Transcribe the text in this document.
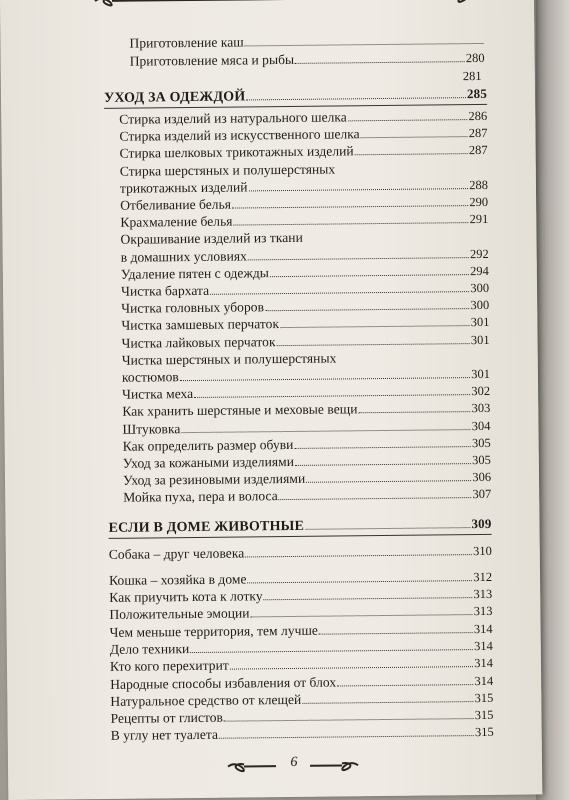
Приготовление каш
Приготовление мяса и рыбы	280
281
УХОД ЗА ОДЕЖДОЙ	285
Стирка изделий из натурального шелка	286
Стирка изделий из искусственного шелка	287
Стирка шелковых трикотажных изделий	287
Стирка шерстяных и полушерстяных
трикотажных изделий	288
Отбеливание белья	290
Крахмаление белья	291
Окрашивание изделий из ткани
в домашних условиях	292
Удаление пятен с одежды	294
Чистка бархата	300
Чистка головных уборов	300
Чистка замшевых перчаток	301
Чистка лайковых перчаток	301
Чистка шерстяных и полушерстяных
костюмов	301
Чистка меха	302
Как хранить шерстяные и меховые вещи	303
Штуковка	304
Как определить размер обуви	305
Уход за кожаными изделиями	305
Уход за резиновыми изделиями	306
Мойка пуха, пера и волоса	307
ЕСЛИ В ДОМЕ ЖИВОТНЫЕ	309
Собака – друг человека	310
Кошка – хозяйка в доме	312
Как приучить кота к лотку	313
Положительные эмоции	313
Чем меньше территория, тем лучше	314
Дело техники	314
Кто кого перехитрит	314
Народные способы избавления от блох	314
Натуральное средство от клещей	315
Рецепты от глистов	315
В углу нет туалета	315
6
